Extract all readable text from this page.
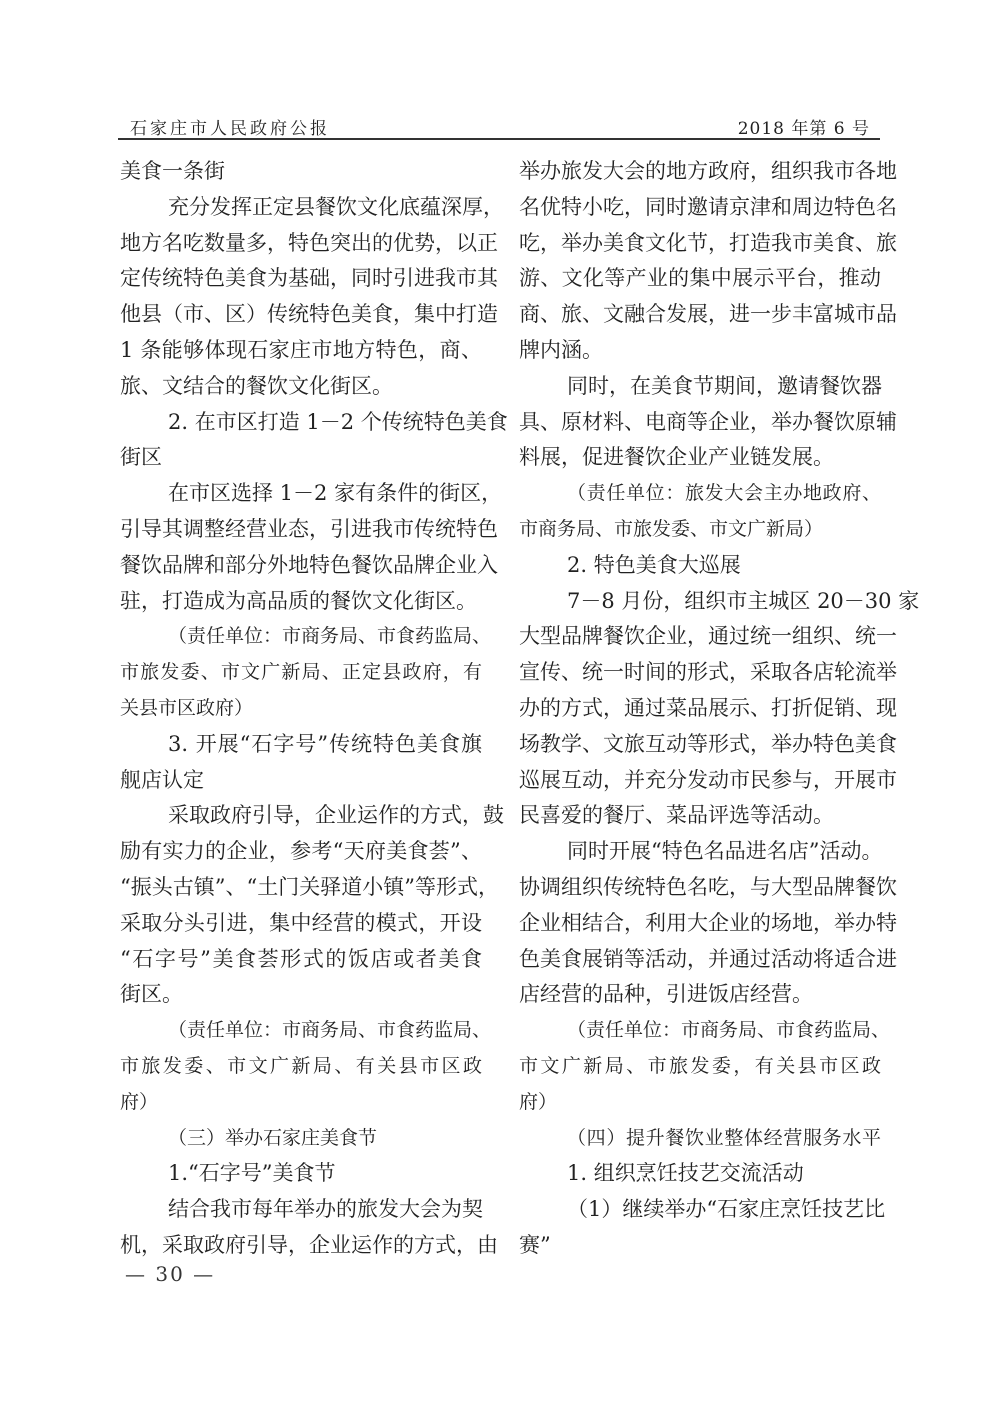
石家庄市人民政府公报	2018 年第 6 号
美食一条街
充分发挥正定县餐饮文化底蕴深厚，
地方名吃数量多，特色突出的优势，以正
定传统特色美食为基础，同时引进我市其
他县（市、区）传统特色美食，集中打造
1 条能够体现石家庄市地方特色，商、
旅、文结合的餐饮文化街区。
2. 在市区打造 1－2 个传统特色美食
街区
在市区选择 1－2 家有条件的街区，
引导其调整经营业态，引进我市传统特色
餐饮品牌和部分外地特色餐饮品牌企业入
驻，打造成为高品质的餐饮文化街区。
（责任单位：市商务局、市食药监局、
市旅发委、市文广新局、正定县政府，有
关县市区政府）
3. 开展“石字号”传统特色美食旗
舰店认定
采取政府引导，企业运作的方式，鼓
励有实力的企业，参考“天府美食荟”、
“振头古镇”、“土门关驿道小镇”等形式，
采取分头引进，集中经营的模式，开设
“石字号”美食荟形式的饭店或者美食
街区。
（责任单位：市商务局、市食药监局、
市旅发委、市文广新局、有关县市区政
府）
（三）举办石家庄美食节
1.“石字号”美食节
结合我市每年举办的旅发大会为契
机，采取政府引导，企业运作的方式，由
举办旅发大会的地方政府，组织我市各地
名优特小吃，同时邀请京津和周边特色名
吃，举办美食文化节，打造我市美食、旅
游、文化等产业的集中展示平台，推动
商、旅、文融合发展，进一步丰富城市品
牌内涵。
同时，在美食节期间，邀请餐饮器
具、原材料、电商等企业，举办餐饮原辅
料展，促进餐饮企业产业链发展。
（责任单位：旅发大会主办地政府、
市商务局、市旅发委、市文广新局）
2. 特色美食大巡展
7－8 月份，组织市主城区 20－30 家
大型品牌餐饮企业，通过统一组织、统一
宣传、统一时间的形式，采取各店轮流举
办的方式，通过菜品展示、打折促销、现
场教学、文旅互动等形式，举办特色美食
巡展互动，并充分发动市民参与，开展市
民喜爱的餐厅、菜品评选等活动。
同时开展“特色名品进名店”活动。
协调组织传统特色名吃，与大型品牌餐饮
企业相结合，利用大企业的场地，举办特
色美食展销等活动，并通过活动将适合进
店经营的品种，引进饭店经营。
（责任单位：市商务局、市食药监局、
市文广新局、市旅发委，有关县市区政
府）
（四）提升餐饮业整体经营服务水平
1. 组织烹饪技艺交流活动
（1）继续举办“石家庄烹饪技艺比
赛”
— 30 —
